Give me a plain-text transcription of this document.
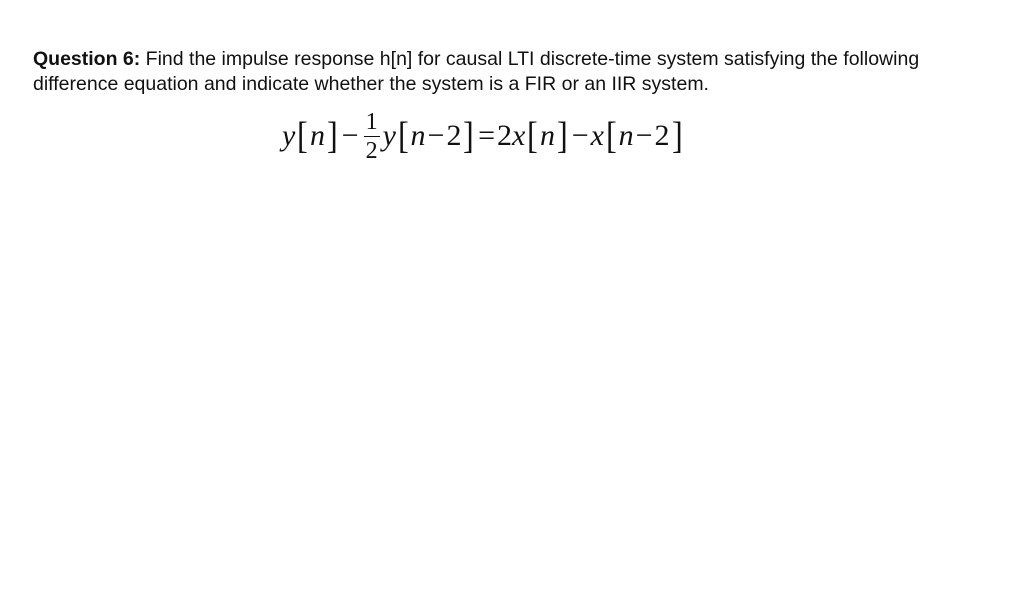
Question 6: Find the impulse response h[n] for causal LTI discrete-time system satisfying the following difference equation and indicate whether the system is a FIR or an IIR system.
y [ n ] − $\frac{1}{2}$ y [ n − 2 ] = 2 x [ n ] − x [ n − 2 ]
